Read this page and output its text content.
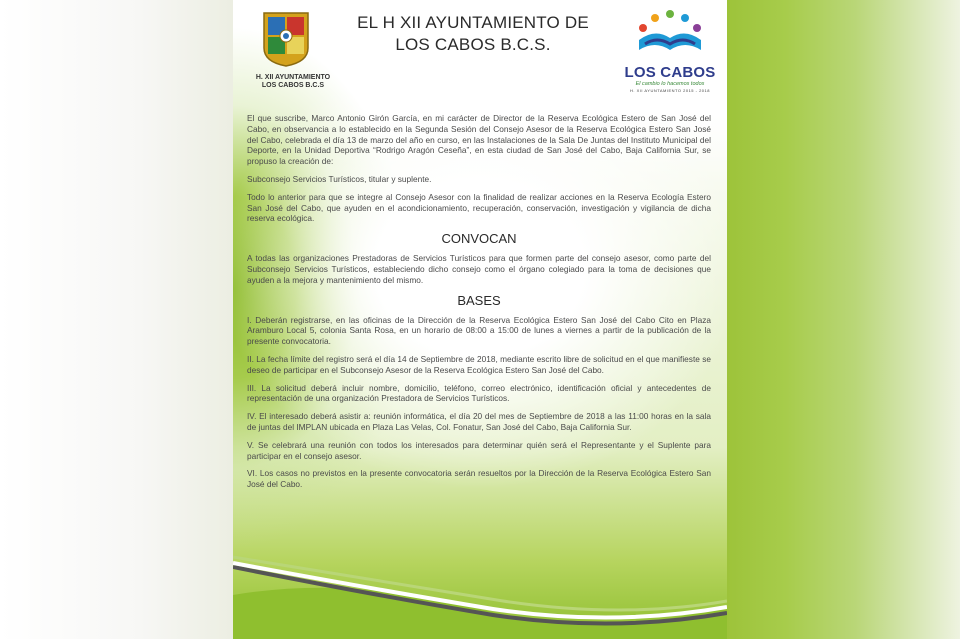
H. XII AYUNTAMIENTO
LOS CABOS B.C.S
EL H XII AYUNTAMIENTO DE
LOS CABOS B.C.S.
LOS CABOS
El cambio lo hacemos todos
H. XII AYUNTAMIENTO 2015 - 2018

El que suscribe, Marco Antonio Girón García, en mi carácter de Director de la Reserva Ecológica Estero de San José del Cabo, en observancia a lo establecido en la Segunda Sesión del Consejo Asesor de la Reserva Ecológica Estero San José del Cabo, celebrada el día 13 de marzo del año en curso, en las Instalaciones de la Sala De Juntas del Instituto Municipal del Deporte, en la Unidad Deportiva “Rodrigo Aragón Ceseña”, en esta ciudad de San José del Cabo, Baja California Sur, se propuso la creación de:

Subconsejo Servicios Turísticos, titular y suplente.

Todo lo anterior para que se integre al Consejo Asesor con la finalidad de realizar acciones en la Reserva Ecología Estero San José del Cabo, que ayuden en el acondicionamiento, recuperación, conservación, investigación y vigilancia de dicha reserva ecológica.

CONVOCAN

A todas las organizaciones Prestadoras de Servicios Turísticos para que formen parte del consejo asesor, como parte del Subconsejo Servicios Turísticos, estableciendo dicho consejo como el órgano colegiado para la toma de decisiones que ayuden a la mejora y mantenimiento del mismo.

BASES

I. Deberán registrarse, en las oficinas de la Dirección de la Reserva Ecológica Estero San José del Cabo Cito en Plaza Aramburo Local 5, colonia Santa Rosa, en un horario de 08:00 a 15:00 de lunes a viernes a partir de la publicación de la presente convocatoria.

II. La fecha límite del registro será el día 14 de Septiembre de 2018, mediante escrito libre de solicitud en el que manifieste se deseo de participar en el Subconsejo Asesor de la Reserva Ecológica Estero San José del Cabo.

III. La solicitud deberá incluir nombre, domicilio, teléfono, correo electrónico, identificación oficial y antecedentes de representación de una organización Prestadora de Servicios Turísticos.

IV. El interesado deberá asistir a: reunión informática, el día 20 del mes de Septiembre de 2018 a las 11:00 horas en la sala de juntas del IMPLAN ubicada en Plaza Las Velas, Col. Fonatur, San José del Cabo, Baja California Sur.

V. Se celebrará una reunión con todos los interesados para determinar quién será el Representante y el Suplente para participar en el consejo asesor.

VI. Los casos no previstos en la presente convocatoria serán resueltos por la Dirección de la Reserva Ecológica Estero San José del Cabo.
